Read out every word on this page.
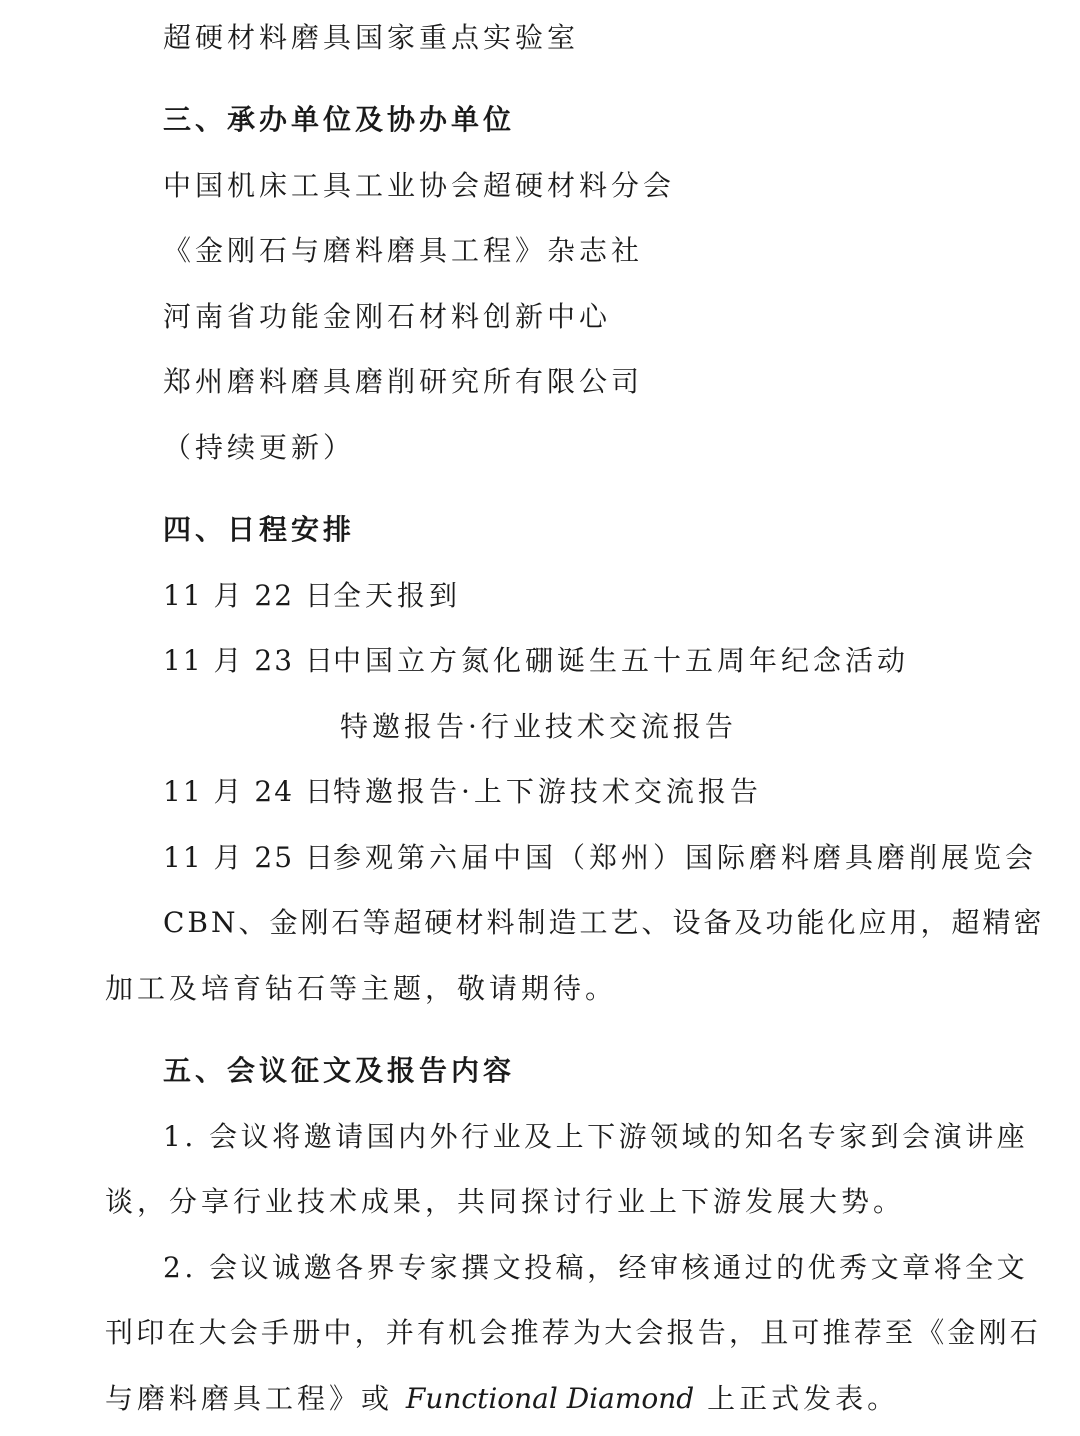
超硬材料磨具国家重点实验室
三、承办单位及协办单位
中国机床工具工业协会超硬材料分会
《金刚石与磨料磨具工程》杂志社
河南省功能金刚石材料创新中心
郑州磨料磨具磨削研究所有限公司
（持续更新）
四、日程安排
11 月 22 日全天报到
11 月 23 日中国立方氮化硼诞生五十五周年纪念活动
特邀报告·行业技术交流报告
11 月 24 日特邀报告·上下游技术交流报告
11 月 25 日参观第六届中国（郑州）国际磨料磨具磨削展览会
CBN、金刚石等超硬材料制造工艺、设备及功能化应用，超精密
加工及培育钻石等主题，敬请期待。
五、会议征文及报告内容
1. 会议将邀请国内外行业及上下游领域的知名专家到会演讲座
谈，分享行业技术成果，共同探讨行业上下游发展大势。
2. 会议诚邀各界专家撰文投稿，经审核通过的优秀文章将全文
刊印在大会手册中，并有机会推荐为大会报告，且可推荐至《金刚石
与磨料磨具工程》或 Functional Diamond 上正式发表。
